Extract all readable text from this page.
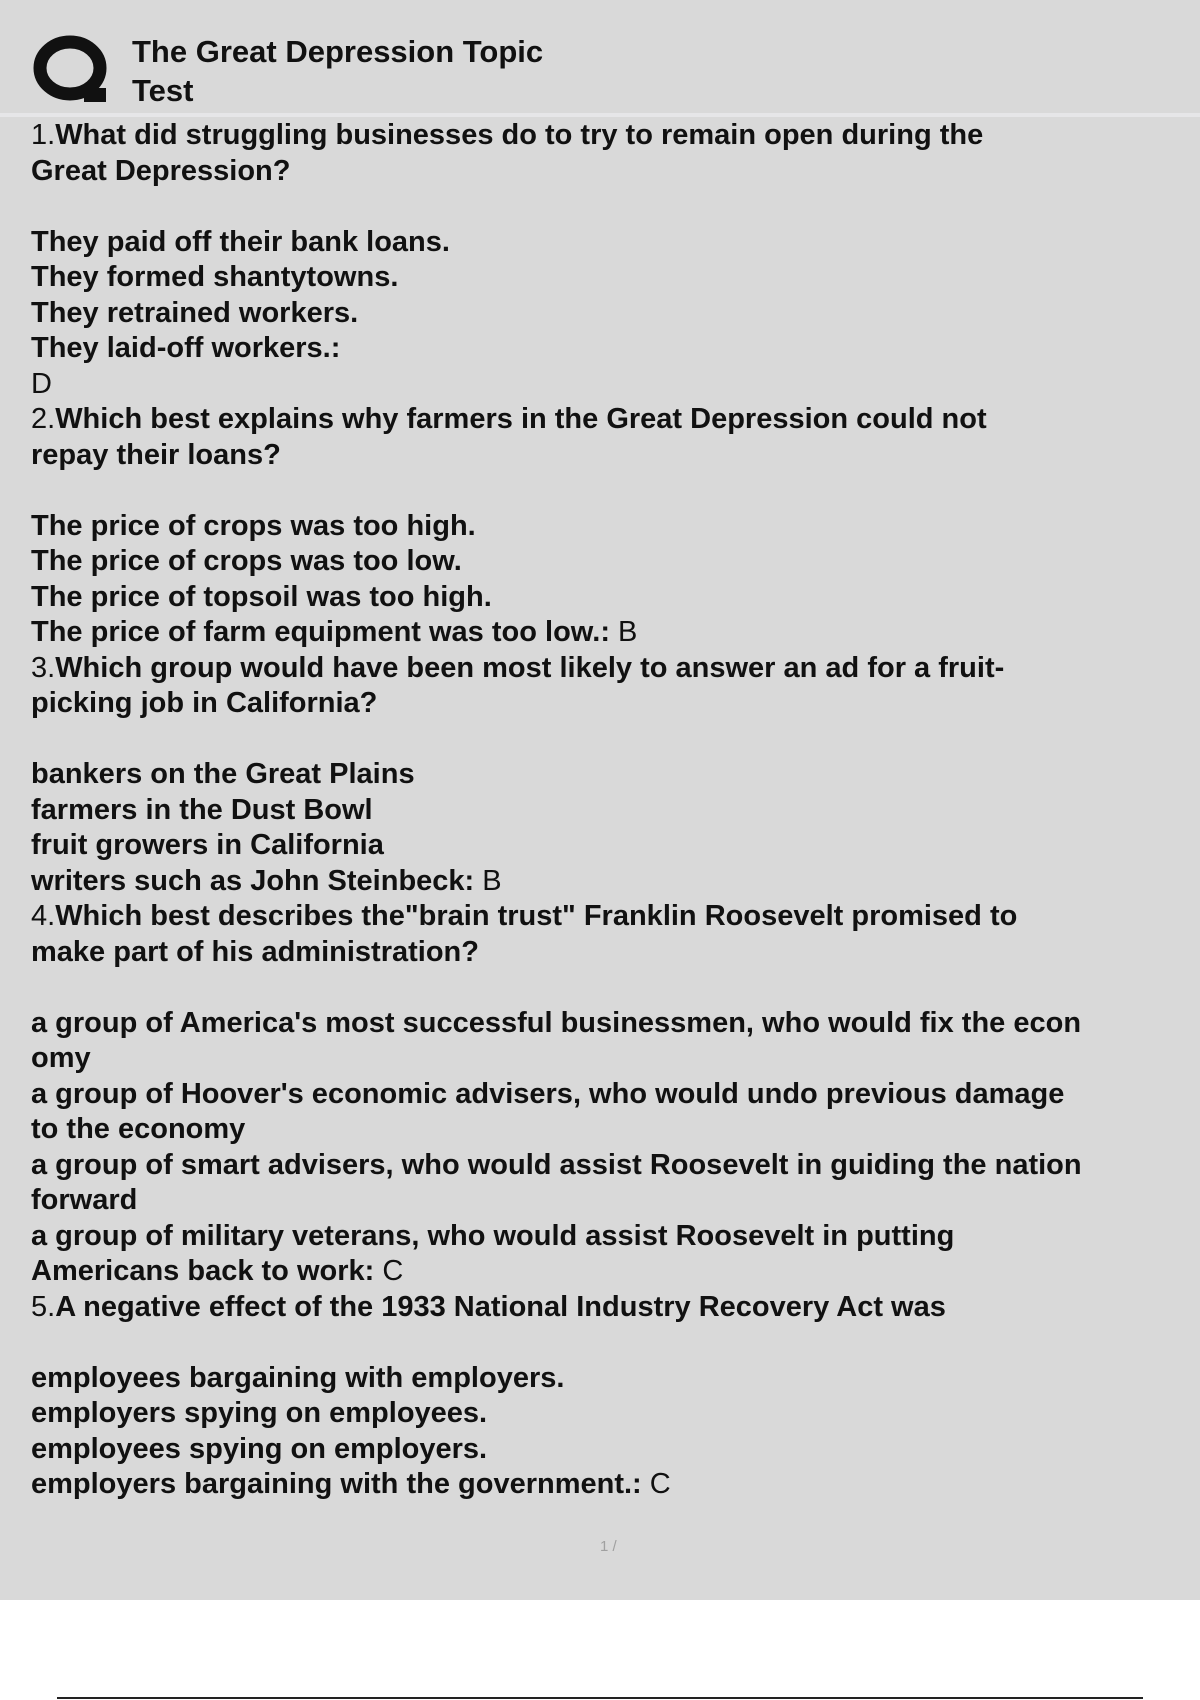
The Great Depression Topic
Test
1.What did struggling businesses do to try to remain open during the
Great Depression?
They paid off their bank loans.
They formed shantytowns.
They retrained workers.
They laid-off workers.:
D
2.Which best explains why farmers in the Great Depression could not
repay their loans?
The price of crops was too high.
The price of crops was too low.
The price of topsoil was too high.
The price of farm equipment was too low.: B
3.Which group would have been most likely to answer an ad for a fruit-
picking job in California?
bankers on the Great Plains
farmers in the Dust Bowl
fruit growers in California
writers such as John Steinbeck: B
4.Which best describes the"brain trust" Franklin Roosevelt promised to
make part of his administration?
a group of America's most successful businessmen, who would fix the econ
omy
a group of Hoover's economic advisers, who would undo previous damage
to the economy
a group of smart advisers, who would assist Roosevelt in guiding the nation
forward
a group of military veterans, who would assist Roosevelt in putting
Americans back to work: C
5.A negative effect of the 1933 National Industry Recovery Act was
employees bargaining with employers.
employers spying on employees.
employees spying on employers.
employers bargaining with the government.: C
1 /
